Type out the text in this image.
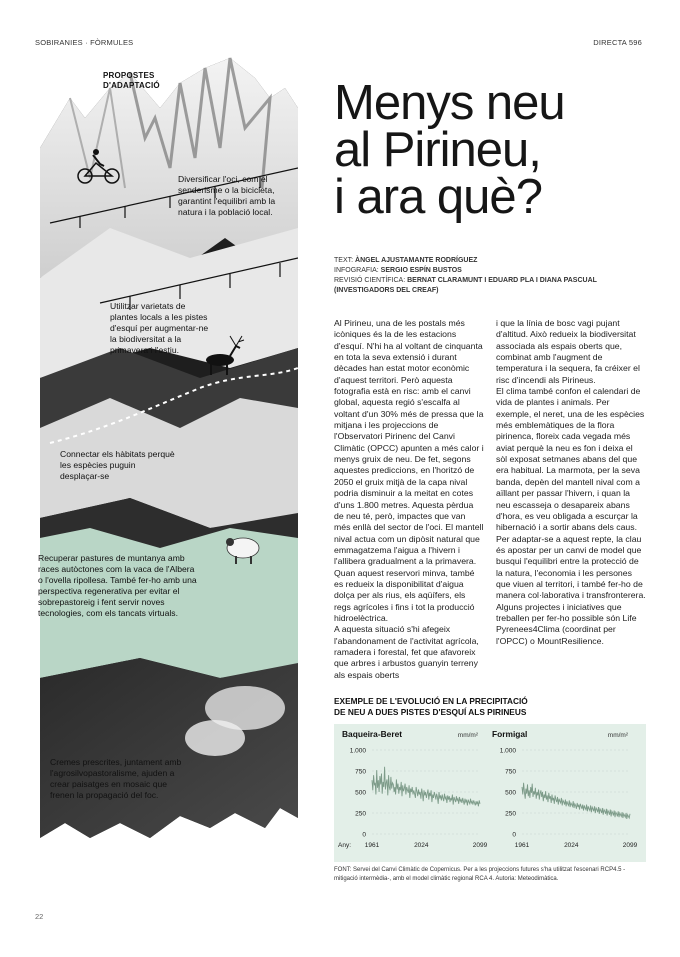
SOBIRANIES · FÒRMULES	DIRECTA 596
PROPOSTES
D'ADAPTACIÓ
Diversificar l'oci, com el senderisme o la bicicleta, garantint l'equilibri amb la natura i la població local.
Utilitzar varietats de plantes locals a les pistes d'esquí per augmentar-ne la biodiversitat a la primavera i l'estiu.
Connectar els hàbitats perquè les espècies puguin desplaçar-se
Recuperar pastures de muntanya amb races autòctones com la vaca de l'Albera o l'ovella ripollesa. També fer-ho amb una perspectiva regenerativa per evitar el sobrepastoreig i fent servir noves tecnologies, com els tancats virtuals.
Cremes prescrites, juntament amb l'agrosilvopastoralisme, ajuden a crear paisatges en mosaic que frenen la propagació del foc.
Menys neu
al Pirineu,
i ara què?
TEXT: ÀNGEL AJUSTAMANTE RODRÍGUEZ
INFOGRAFIA: SERGIO ESPÍN BUSTOS
REVISIÓ CIENTÍFICA: BERNAT CLARAMUNT I EDUARD PLA I DIANA PASCUAL (INVESTIGADORS DEL CREAF)

Al Pirineu, una de les postals més icòniques és la de les estacions d'esquí. N'hi ha al voltant de cinquanta en tota la seva extensió i durant dècades han estat motor econòmic d'aquest territori. Però aquesta fotografia està en risc: amb el canvi global, aquesta regió s'escalfa al voltant d'un 30% més de pressa que la mitjana i les projeccions de l'Observatori Pirinenc del Canvi Climàtic (OPCC) apunten a més calor i menys gruix de neu. De fet, segons aquestes prediccions, en l'horitzó de 2050 el gruix mitjà de la capa nival podria disminuir a la meitat en cotes d'uns 1.800 metres. Aquesta pèrdua de neu té, però, impactes que van més enllà del sector de l'oci. El mantell nival actua com un dipòsit natural que emmagatzema l'aigua a l'hivern i l'allibera gradualment a la primavera. Quan aquest reservori minva, també es redueix la disponibilitat d'aigua dolça per als rius, els aqüífers, els regs agrícoles i fins i tot la producció hidroelèctrica.

A aquesta situació s'hi afegeix l'abandonament de l'activitat agrícola, ramadera i forestal, fet que afavoreix que arbres i arbustos guanyin terreny als espais oberts

i que la línia de bosc vagi pujant d'altitud. Això redueix la biodiversitat associada als espais oberts que, combinat amb l'augment de temperatura i la sequera, fa créixer el risc d'incendi als Pirineus.

El clima també confon el calendari de vida de plantes i animals. Per exemple, el neret, una de les espècies més emblemàtiques de la flora pirinenca, floreix cada vegada més aviat perquè la neu es fon i deixa el sòl exposat setmanes abans del que era habitual. La marmota, per la seva banda, depèn del mantell nival com a aïllant per passar l'hivern, i quan la neu escasseja o desapareix abans d'hora, es veu obligada a escurçar la hibernació i a sortir abans dels caus.

Per adaptar-se a aquest repte, la clau és apostar per un canvi de model que busqui l'equilibri entre la protecció de la natura, l'economia i les persones que viuen al territori, i també fer-ho de manera col·laborativa i transfronterera. Alguns projectes i iniciatives que treballen per fer-ho possible són Life Pyrenees4Clima (coordinat per l'OPCC) o MountResilience.

EXEMPLE DE L'EVOLUCIÓ EN LA PRECIPITACIÓ
DE NEU A DUES PISTES D'ESQUÍ ALS PIRINEUS
Baqueira-Beret	mm/m²
0
250
500
750
1.000
1961	2024	2099
Any:
Formigal	mm/m²
0
250
500
750
1.000
1961	2024	2099
FONT: Servei del Canvi Climàtic de Copernicus. Per a les projeccions futures s'ha utilitzat l'escenari RCP4.5 -mitigació intermèdia-, amb el model climàtic regional RCA 4. Autoria: Meteodimàtica.
22
